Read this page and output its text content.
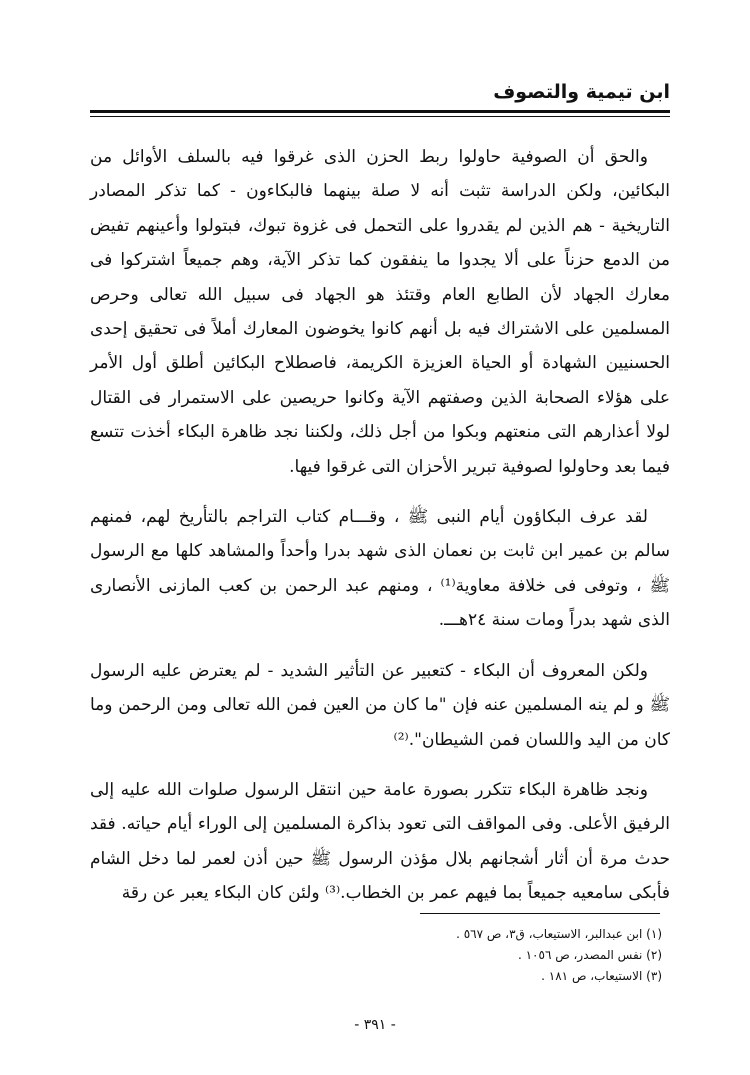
ابن تيمية والتصوف

والحق أن الصوفية حاولوا ربط الحزن الذى غرقوا فيه بالسلف الأوائل من البكائين، ولكن الدراسة تثبت أنه لا صلة بينهما فالبكاءون - كما تذكر المصادر التاريخية - هم الذين لم يقدروا على التحمل فى غزوة تبوك، فبتولوا وأعينهم تفيض من الدمع حزناً على ألا يجدوا ما ينفقون كما تذكر الآية، وهم جميعاً اشتركوا فى معارك الجهاد لأن الطابع العام وقتئذ هو الجهاد فى سبيل الله تعالى وحرص المسلمين على الاشتراك فيه بل أنهم كانوا يخوضون المعارك أملاً فى تحقيق إحدى الحسنيين الشهادة أو الحياة العزيزة الكريمة، فاصطلاح البكائين أطلق أول الأمر على هؤلاء الصحابة الذين وصفتهم الآية وكانوا حريصين على الاستمرار فى القتال لولا أعذارهم التى منعتهم وبكوا من أجل ذلك، ولكننا نجد ظاهرة البكاء أخذت تتسع فيما بعد وحاولوا لصوفية تبرير الأحزان التى غرقوا فيها.

لقد عرف البكاؤون أيام النبى ﷺ ، وقـــام كتاب التراجم بالتأريخ لهم، فمنهم سالم بن عمير ابن ثابت بن نعمان الذى شهد بدرا وأحداً والمشاهد كلها مع الرسول ﷺ ، وتوفى فى خلافة معاوية⁽¹⁾ ، ومنهم عبد الرحمن بن كعب المازنى الأنصارى الذى شهد بدراً ومات سنة ٢٤هـــ.

ولكن المعروف أن البكاء - كتعبير عن التأثير الشديد - لم يعترض عليه الرسول ﷺ و لم ينه المسلمين عنه فإن "ما كان من العين فمن الله تعالى ومن الرحمن وما كان من اليد واللسان فمن الشيطان".⁽²⁾

ونجد ظاهرة البكاء تتكرر بصورة عامة حين انتقل الرسول صلوات الله عليه إلى الرفيق الأعلى. وفى المواقف التى تعود بذاكرة المسلمين إلى الوراء أيام حياته. فقد حدث مرة أن أثار أشجانهم بلال مؤذن الرسول ﷺ حين أذن لعمر لما دخل الشام فأبكى سامعيه جميعاً بما فيهم عمر بن الخطاب.⁽³⁾ ولئن كان البكاء يعبر عن رقة

(١) ابن عبدالبر، الاستيعاب، ق٣، ص ٥٦٧ .
(٢) نفس المصدر، ص ١٠٥٦ .
(٣) الاستيعاب، ص ١٨١ .
- ٣٩١ -
